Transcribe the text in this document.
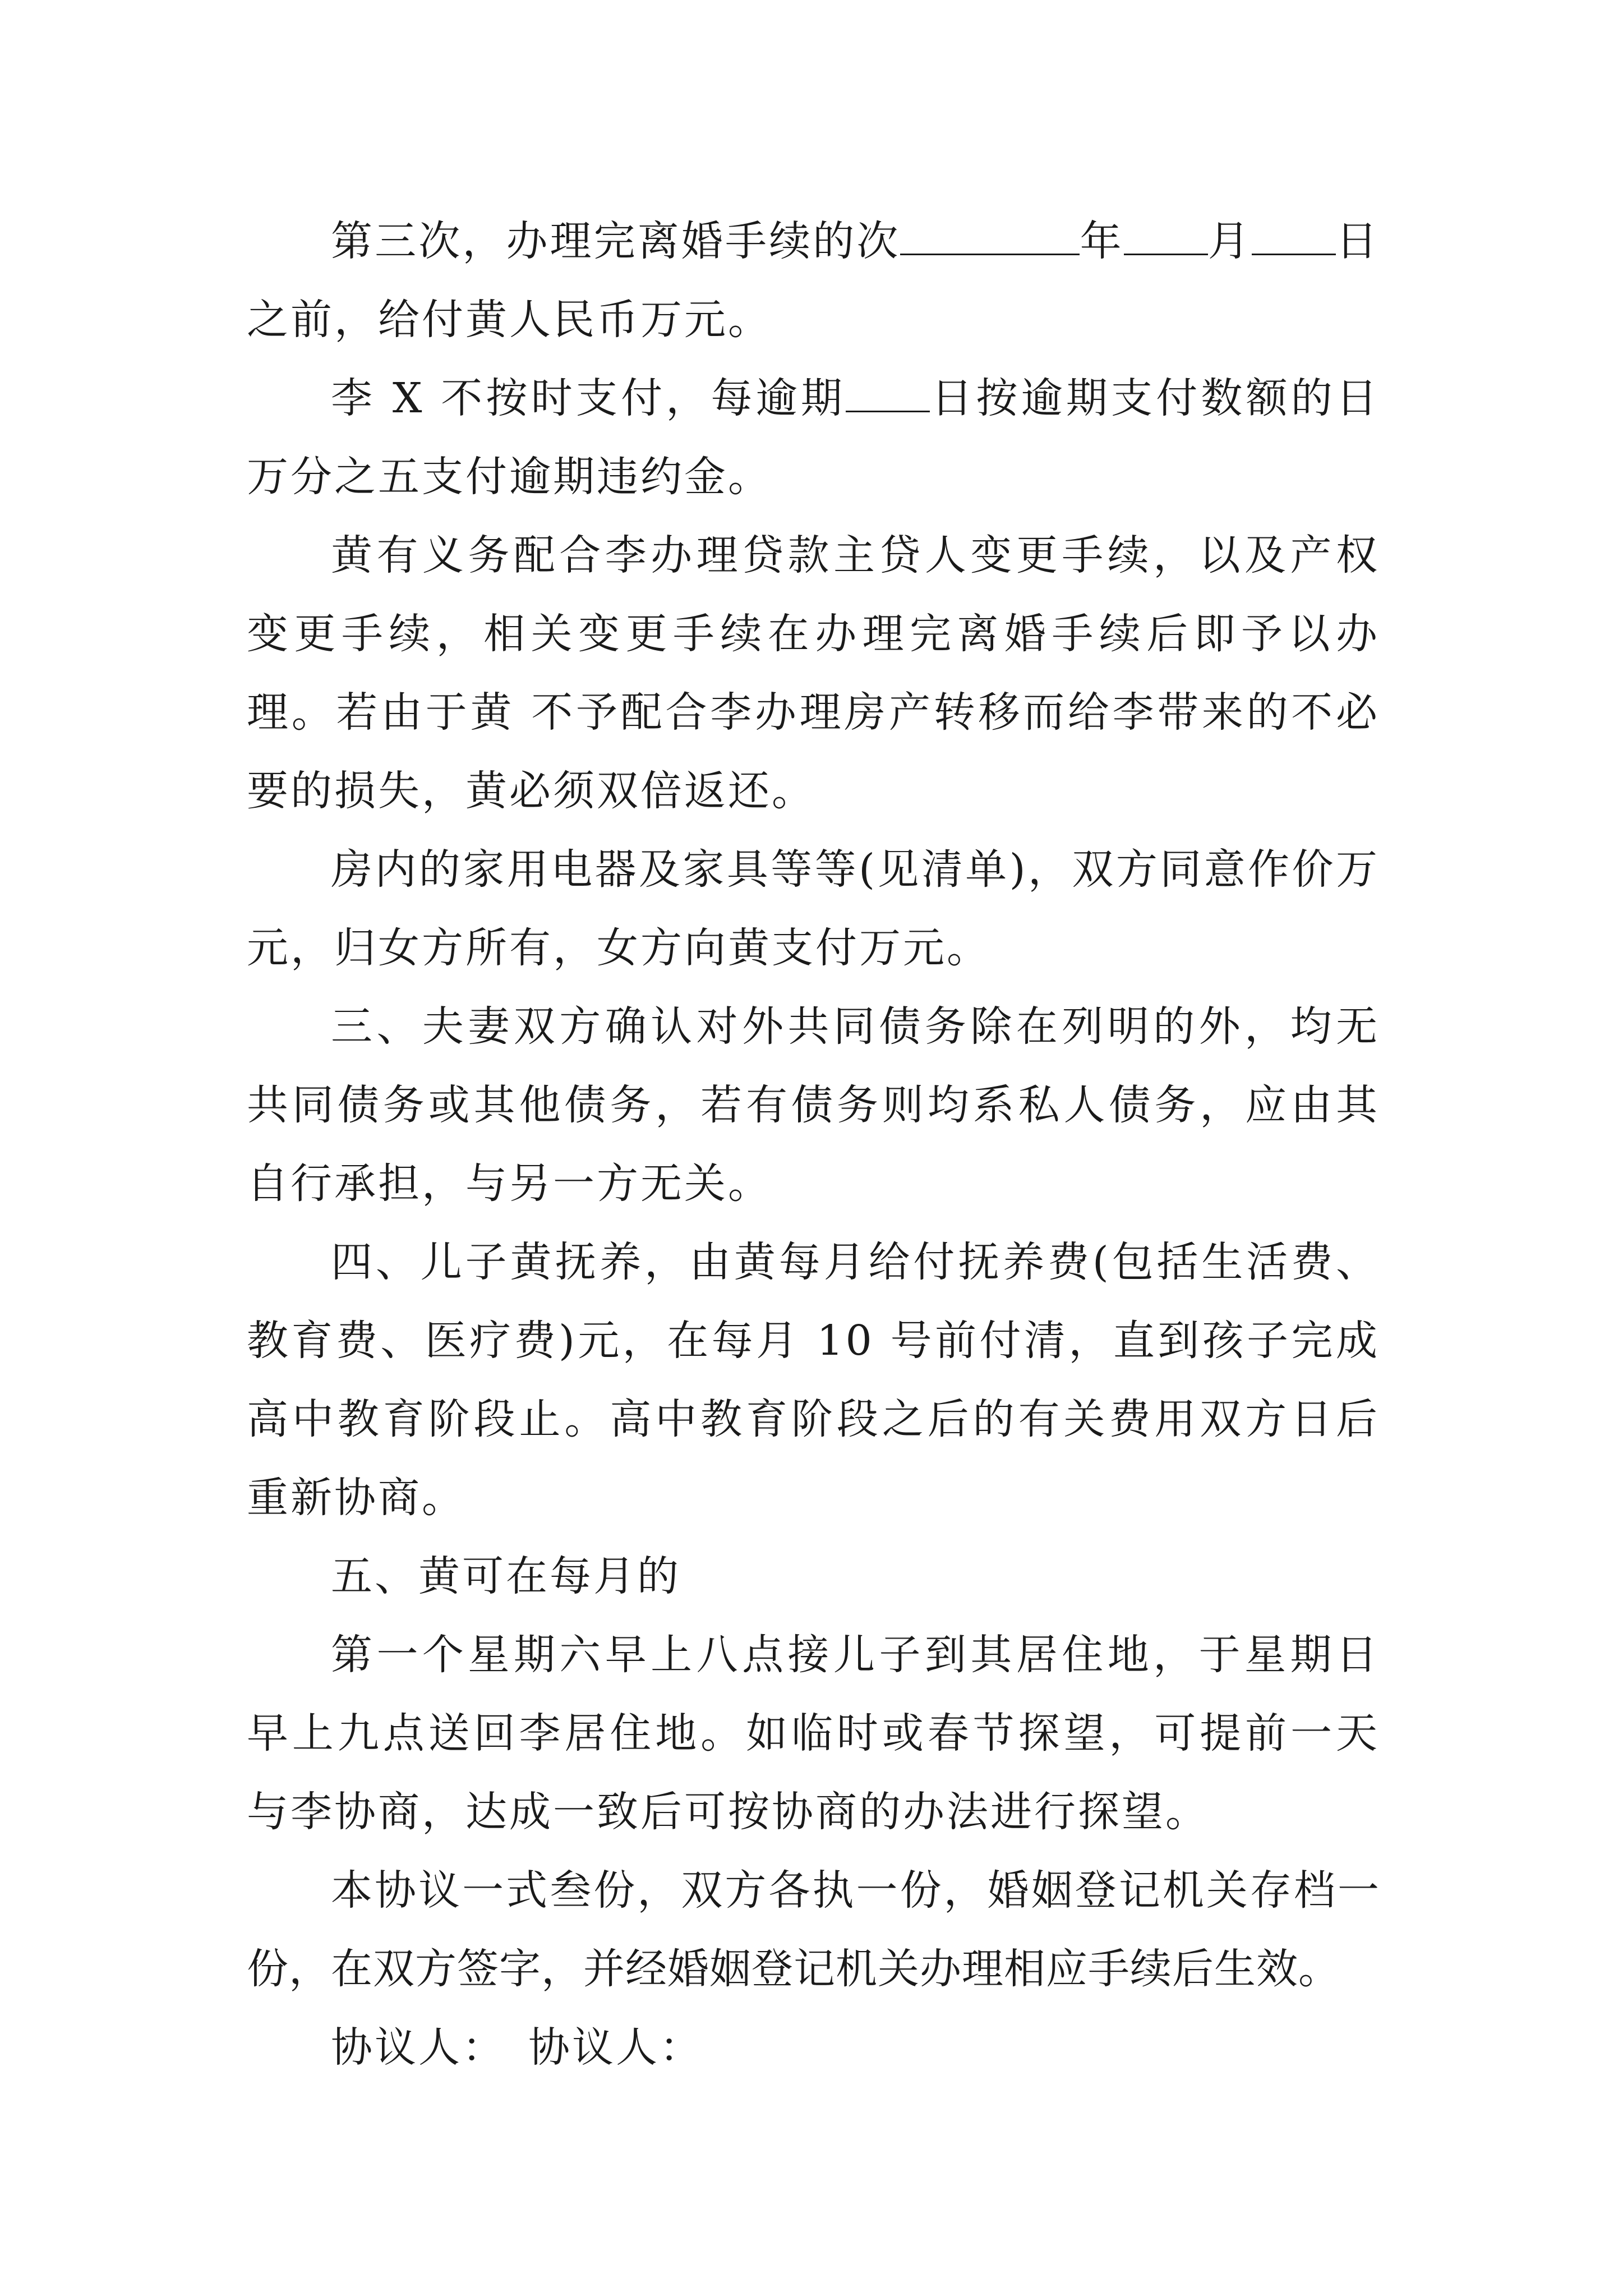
第三次，办理完离婚手续的次	年 月 日之前，给付黄人民币万元。

李 X 不按时支付，每逾期 日按逾期支付数额的日万分之五支付逾期违约金。

黄有义务配合李办理贷款主贷人变更手续，以及产权变更手续，相关变更手续在办理完离婚手续后即予以办理。若由于黄 不予配合李办理房产转移而给李带来的不必要的损失，黄必须双倍返还。

房内的家用电器及家具等等(见清单)，双方同意作价万元，归女方所有，女方向黄支付万元。

三、夫妻双方确认对外共同债务除在列明的外，均无共同债务或其他债务，若有债务则均系私人债务，应由其自行承担，与另一方无关。

四、儿子黄抚养，由黄每月给付抚养费(包括生活费、教育费、医疗费)元，在每月 10 号前付清，直到孩子完成高中教育阶段止。高中教育阶段之后的有关费用双方日后重新协商。

五、黄可在每月的

第一个星期六早上八点接儿子到其居住地，于星期日早上九点送回李居住地。如临时或春节探望，可提前一天与李协商，达成一致后可按协商的办法进行探望。

本协议一式叁份，双方各执一份，婚姻登记机关存档一份，在双方签字，并经婚姻登记机关办理相应手续后生效。

协议人： 协议人：
